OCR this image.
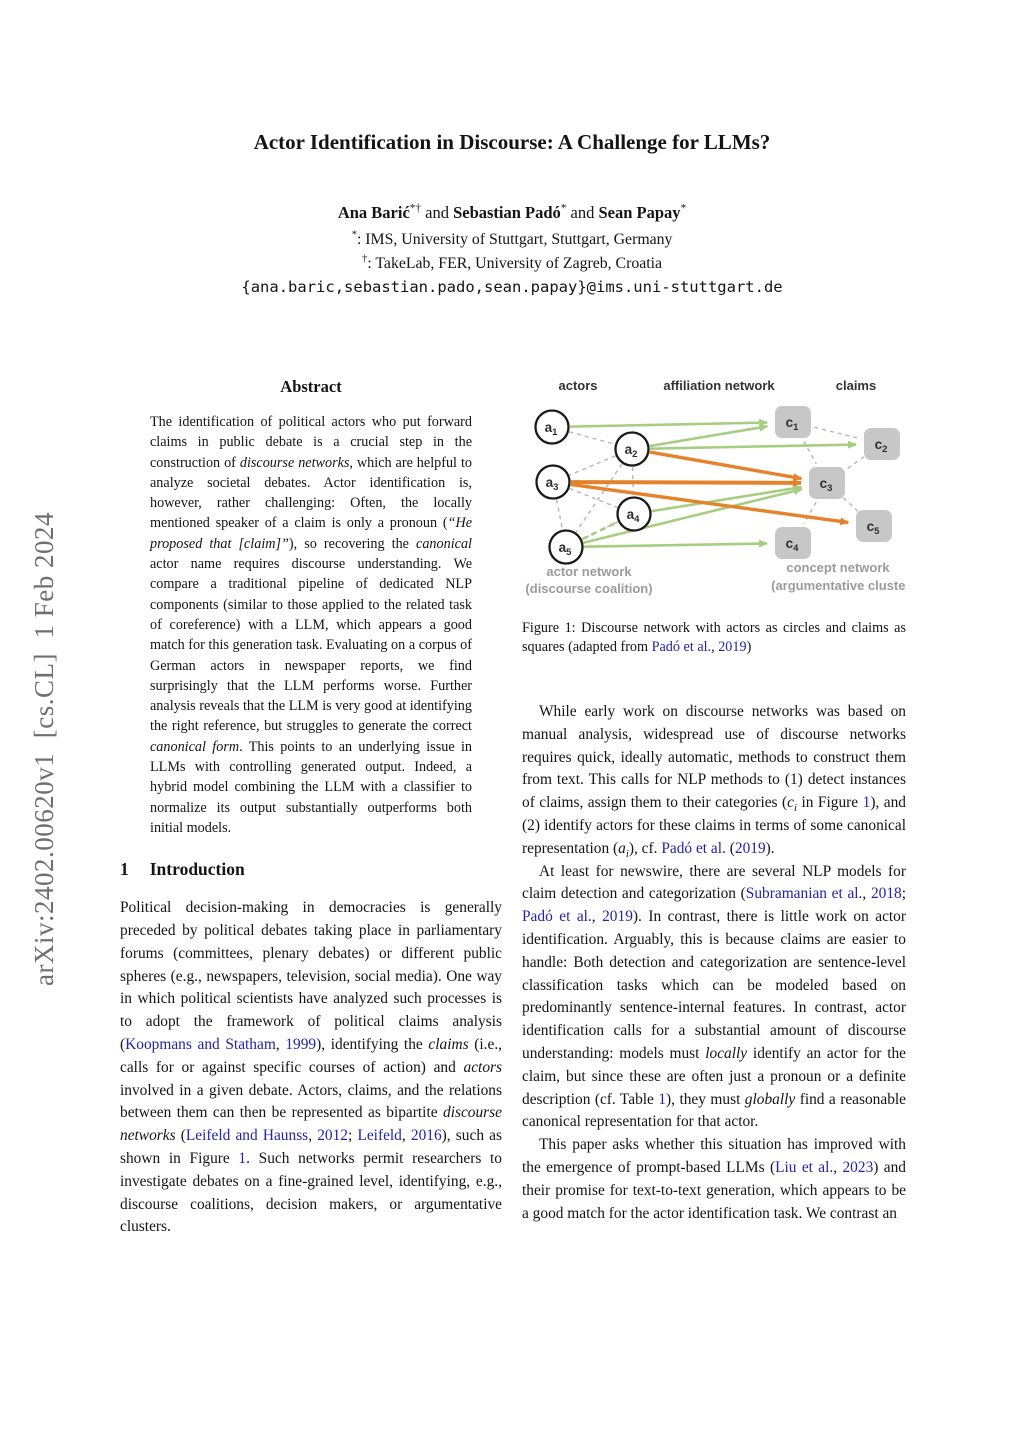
arXiv:2402.00620v1  [cs.CL]  1 Feb 2024
Actor Identification in Discourse: A Challenge for LLMs?
Ana Barić*† and Sebastian Padó* and Sean Papay*
*: IMS, University of Stuttgart, Stuttgart, Germany
†: TakeLab, FER, University of Zagreb, Croatia
{ana.baric,sebastian.pado,sean.papay}@ims.uni-stuttgart.de
Abstract

The identification of political actors who put forward claims in public debate is a crucial step in the construction of discourse networks, which are helpful to analyze societal debates. Actor identification is, however, rather challenging: Often, the locally mentioned speaker of a claim is only a pronoun (“He proposed that [claim]”), so recovering the canonical actor name requires discourse understanding. We compare a traditional pipeline of dedicated NLP components (similar to those applied to the related task of coreference) with a LLM, which appears a good match for this generation task. Evaluating on a corpus of German actors in newspaper reports, we find surprisingly that the LLM performs worse. Further analysis reveals that the LLM is very good at identifying the right reference, but struggles to generate the correct canonical form. This points to an underlying issue in LLMs with controlling generated output. Indeed, a hybrid model combining the LLM with a classifier to normalize its output substantially outperforms both initial models.

1 Introduction

Political decision-making in democracies is generally preceded by political debates taking place in parliamentary forums (committees, plenary debates) or different public spheres (e.g., newspapers, television, social media). One way in which political scientists have analyzed such processes is to adopt the framework of political claims analysis (Koopmans and Statham, 1999), identifying the claims (i.e., calls for or against specific courses of action) and actors involved in a given debate. Actors, claims, and the relations between them can then be represented as bipartite discourse networks (Leifeld and Haunss, 2012; Leifeld, 2016), such as shown in Figure 1. Such networks permit researchers to investigate debates on a fine-grained level, identifying, e.g., discourse coalitions, decision makers, or argumentative clusters.

$a_1$
$a_2$
$a_3$
$a_4$
$a_5$
$c_1$
$c_2$
$c_3$
$c_4$
$c_5$
actors	affiliation network	claims
actor network
(discourse coalition)
concept network
(argumentative cluster)
Figure 1: Discourse network with actors as circles and claims as squares (adapted from Padó et al., 2019)

While early work on discourse networks was based on manual analysis, widespread use of discourse networks requires quick, ideally automatic, methods to construct them from text. This calls for NLP methods to (1) detect instances of claims, assign them to their categories ($c_i$ in Figure 1), and (2) identify actors for these claims in terms of some canonical representation $(a_i)$, cf. Padó et al. (2019).

At least for newswire, there are several NLP models for claim detection and categorization (Subramanian et al., 2018; Padó et al., 2019). In contrast, there is little work on actor identification. Arguably, this is because claims are easier to handle: Both detection and categorization are sentence-level classification tasks which can be modeled based on predominantly sentence-internal features. In contrast, actor identification calls for a substantial amount of discourse understanding: models must locally identify an actor for the claim, but since these are often just a pronoun or a definite description (cf. Table 1), they must globally find a reasonable canonical representation for that actor.

This paper asks whether this situation has improved with the emergence of prompt-based LLMs (Liu et al., 2023) and their promise for text-to-text generation, which appears to be a good match for the actor identification task. We contrast an
